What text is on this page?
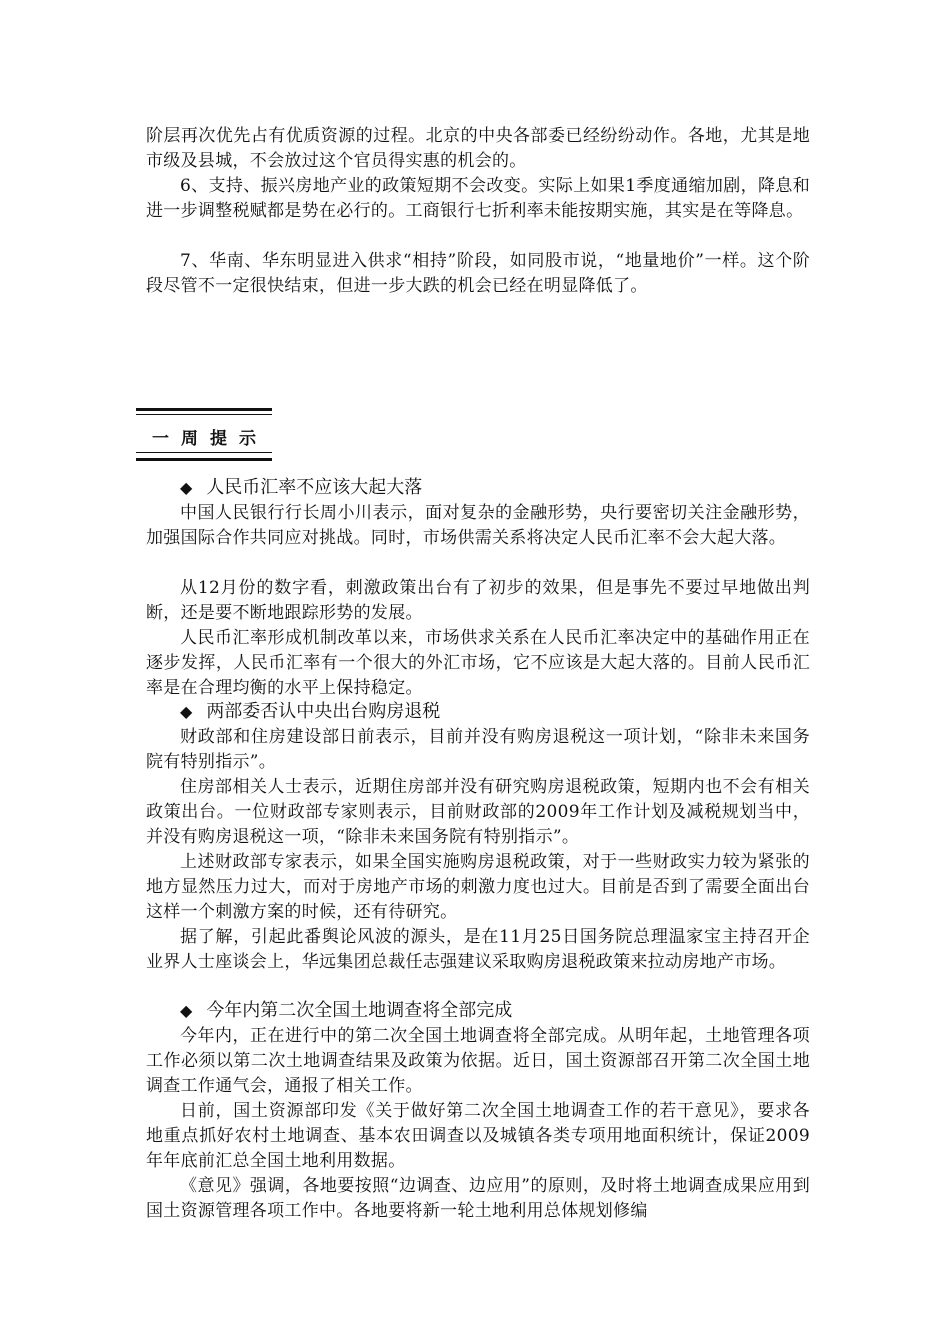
阶层再次优先占有优质资源的过程。北京的中央各部委已经纷纷动作。各地，尤其是地市级及县城，不会放过这个官员得实惠的机会的。
6、支持、振兴房地产业的政策短期不会改变。实际上如果1季度通缩加剧，降息和进一步调整税赋都是势在必行的。工商银行七折利率未能按期实施，其实是在等降息。
7、华南、华东明显进入供求“相持”阶段，如同股市说，“地量地价”一样。这个阶段尽管不一定很快结束，但进一步大跌的机会已经在明显降低了。
一周提示
◆ 人民币汇率不应该大起大落
中国人民银行行长周小川表示，面对复杂的金融形势，央行要密切关注金融形势，加强国际合作共同应对挑战。同时，市场供需关系将决定人民币汇率不会大起大落。
从12月份的数字看，刺激政策出台有了初步的效果，但是事先不要过早地做出判断，还是要不断地跟踪形势的发展。
人民币汇率形成机制改革以来，市场供求关系在人民币汇率决定中的基础作用正在逐步发挥，人民币汇率有一个很大的外汇市场，它不应该是大起大落的。目前人民币汇率是在合理均衡的水平上保持稳定。
◆ 两部委否认中央出台购房退税
财政部和住房建设部日前表示，目前并没有购房退税这一项计划，“除非未来国务院有特别指示”。
住房部相关人士表示，近期住房部并没有研究购房退税政策，短期内也不会有相关政策出台。一位财政部专家则表示，目前财政部的2009年工作计划及减税规划当中，并没有购房退税这一项，“除非未来国务院有特别指示”。
上述财政部专家表示，如果全国实施购房退税政策，对于一些财政实力较为紧张的地方显然压力过大，而对于房地产市场的刺激力度也过大。目前是否到了需要全面出台这样一个刺激方案的时候，还有待研究。
据了解，引起此番舆论风波的源头，是在11月25日国务院总理温家宝主持召开企业界人士座谈会上，华远集团总裁任志强建议采取购房退税政策来拉动房地产市场。
◆ 今年内第二次全国土地调查将全部完成
今年内，正在进行中的第二次全国土地调查将全部完成。从明年起，土地管理各项工作必须以第二次土地调查结果及政策为依据。近日，国土资源部召开第二次全国土地调查工作通气会，通报了相关工作。
日前，国土资源部印发《关于做好第二次全国土地调查工作的若干意见》，要求各地重点抓好农村土地调查、基本农田调查以及城镇各类专项用地面积统计，保证2009年年底前汇总全国土地利用数据。
《意见》强调，各地要按照“边调查、边应用”的原则，及时将土地调查成果应用到国土资源管理各项工作中。各地要将新一轮土地利用总体规划修编
